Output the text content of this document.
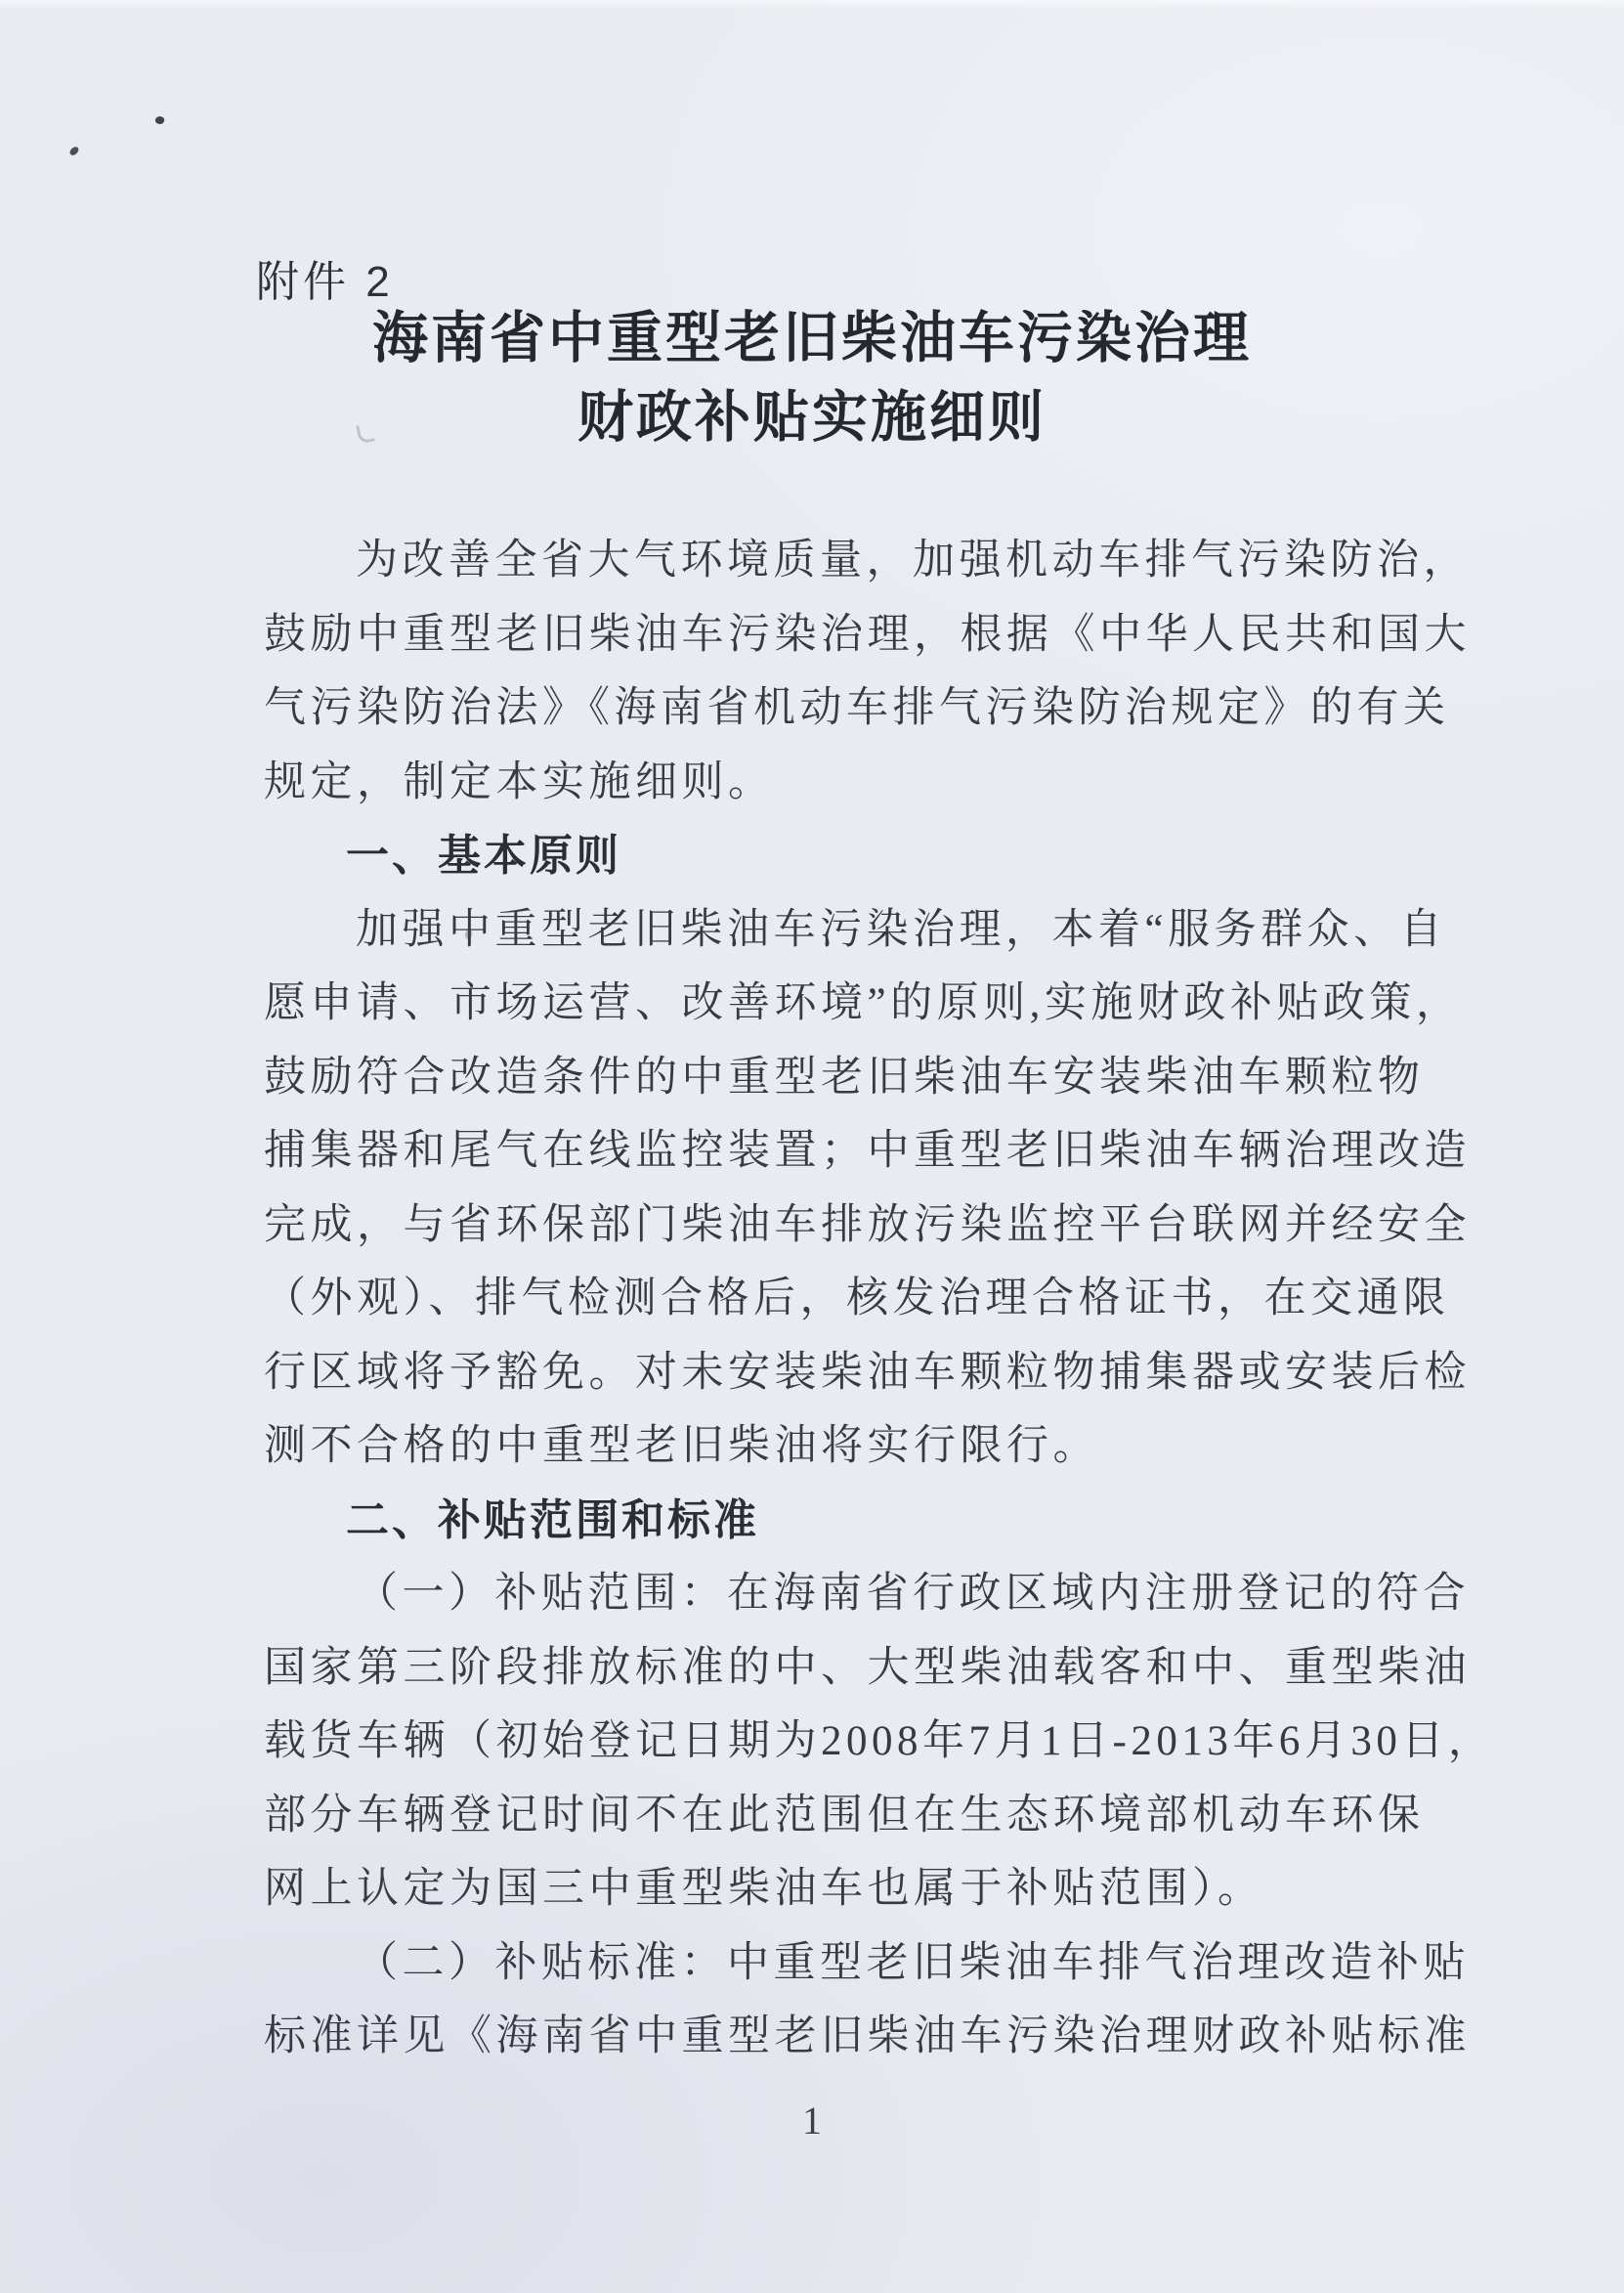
附件 2
海南省中重型老旧柴油车污染治理
财政补贴实施细则
为改善全省大气环境质量，加强机动车排气污染防治，
鼓励中重型老旧柴油车污染治理，根据《中华人民共和国大
气污染防治法》《海南省机动车排气污染防治规定》的有关
规定，制定本实施细则。
一、基本原则
加强中重型老旧柴油车污染治理，本着“服务群众、自
愿申请、市场运营、改善环境”的原则,实施财政补贴政策，
鼓励符合改造条件的中重型老旧柴油车安装柴油车颗粒物
捕集器和尾气在线监控装置；中重型老旧柴油车辆治理改造
完成，与省环保部门柴油车排放污染监控平台联网并经安全
（外观）、排气检测合格后，核发治理合格证书，在交通限
行区域将予豁免。对未安装柴油车颗粒物捕集器或安装后检
测不合格的中重型老旧柴油将实行限行。
二、补贴范围和标准
（一）补贴范围：在海南省行政区域内注册登记的符合
国家第三阶段排放标准的中、大型柴油载客和中、重型柴油
载货车辆（初始登记日期为2008年7月1日-2013年6月30日，
部分车辆登记时间不在此范围但在生态环境部机动车环保
网上认定为国三中重型柴油车也属于补贴范围）。
（二）补贴标准：中重型老旧柴油车排气治理改造补贴
标准详见《海南省中重型老旧柴油车污染治理财政补贴标准
1
